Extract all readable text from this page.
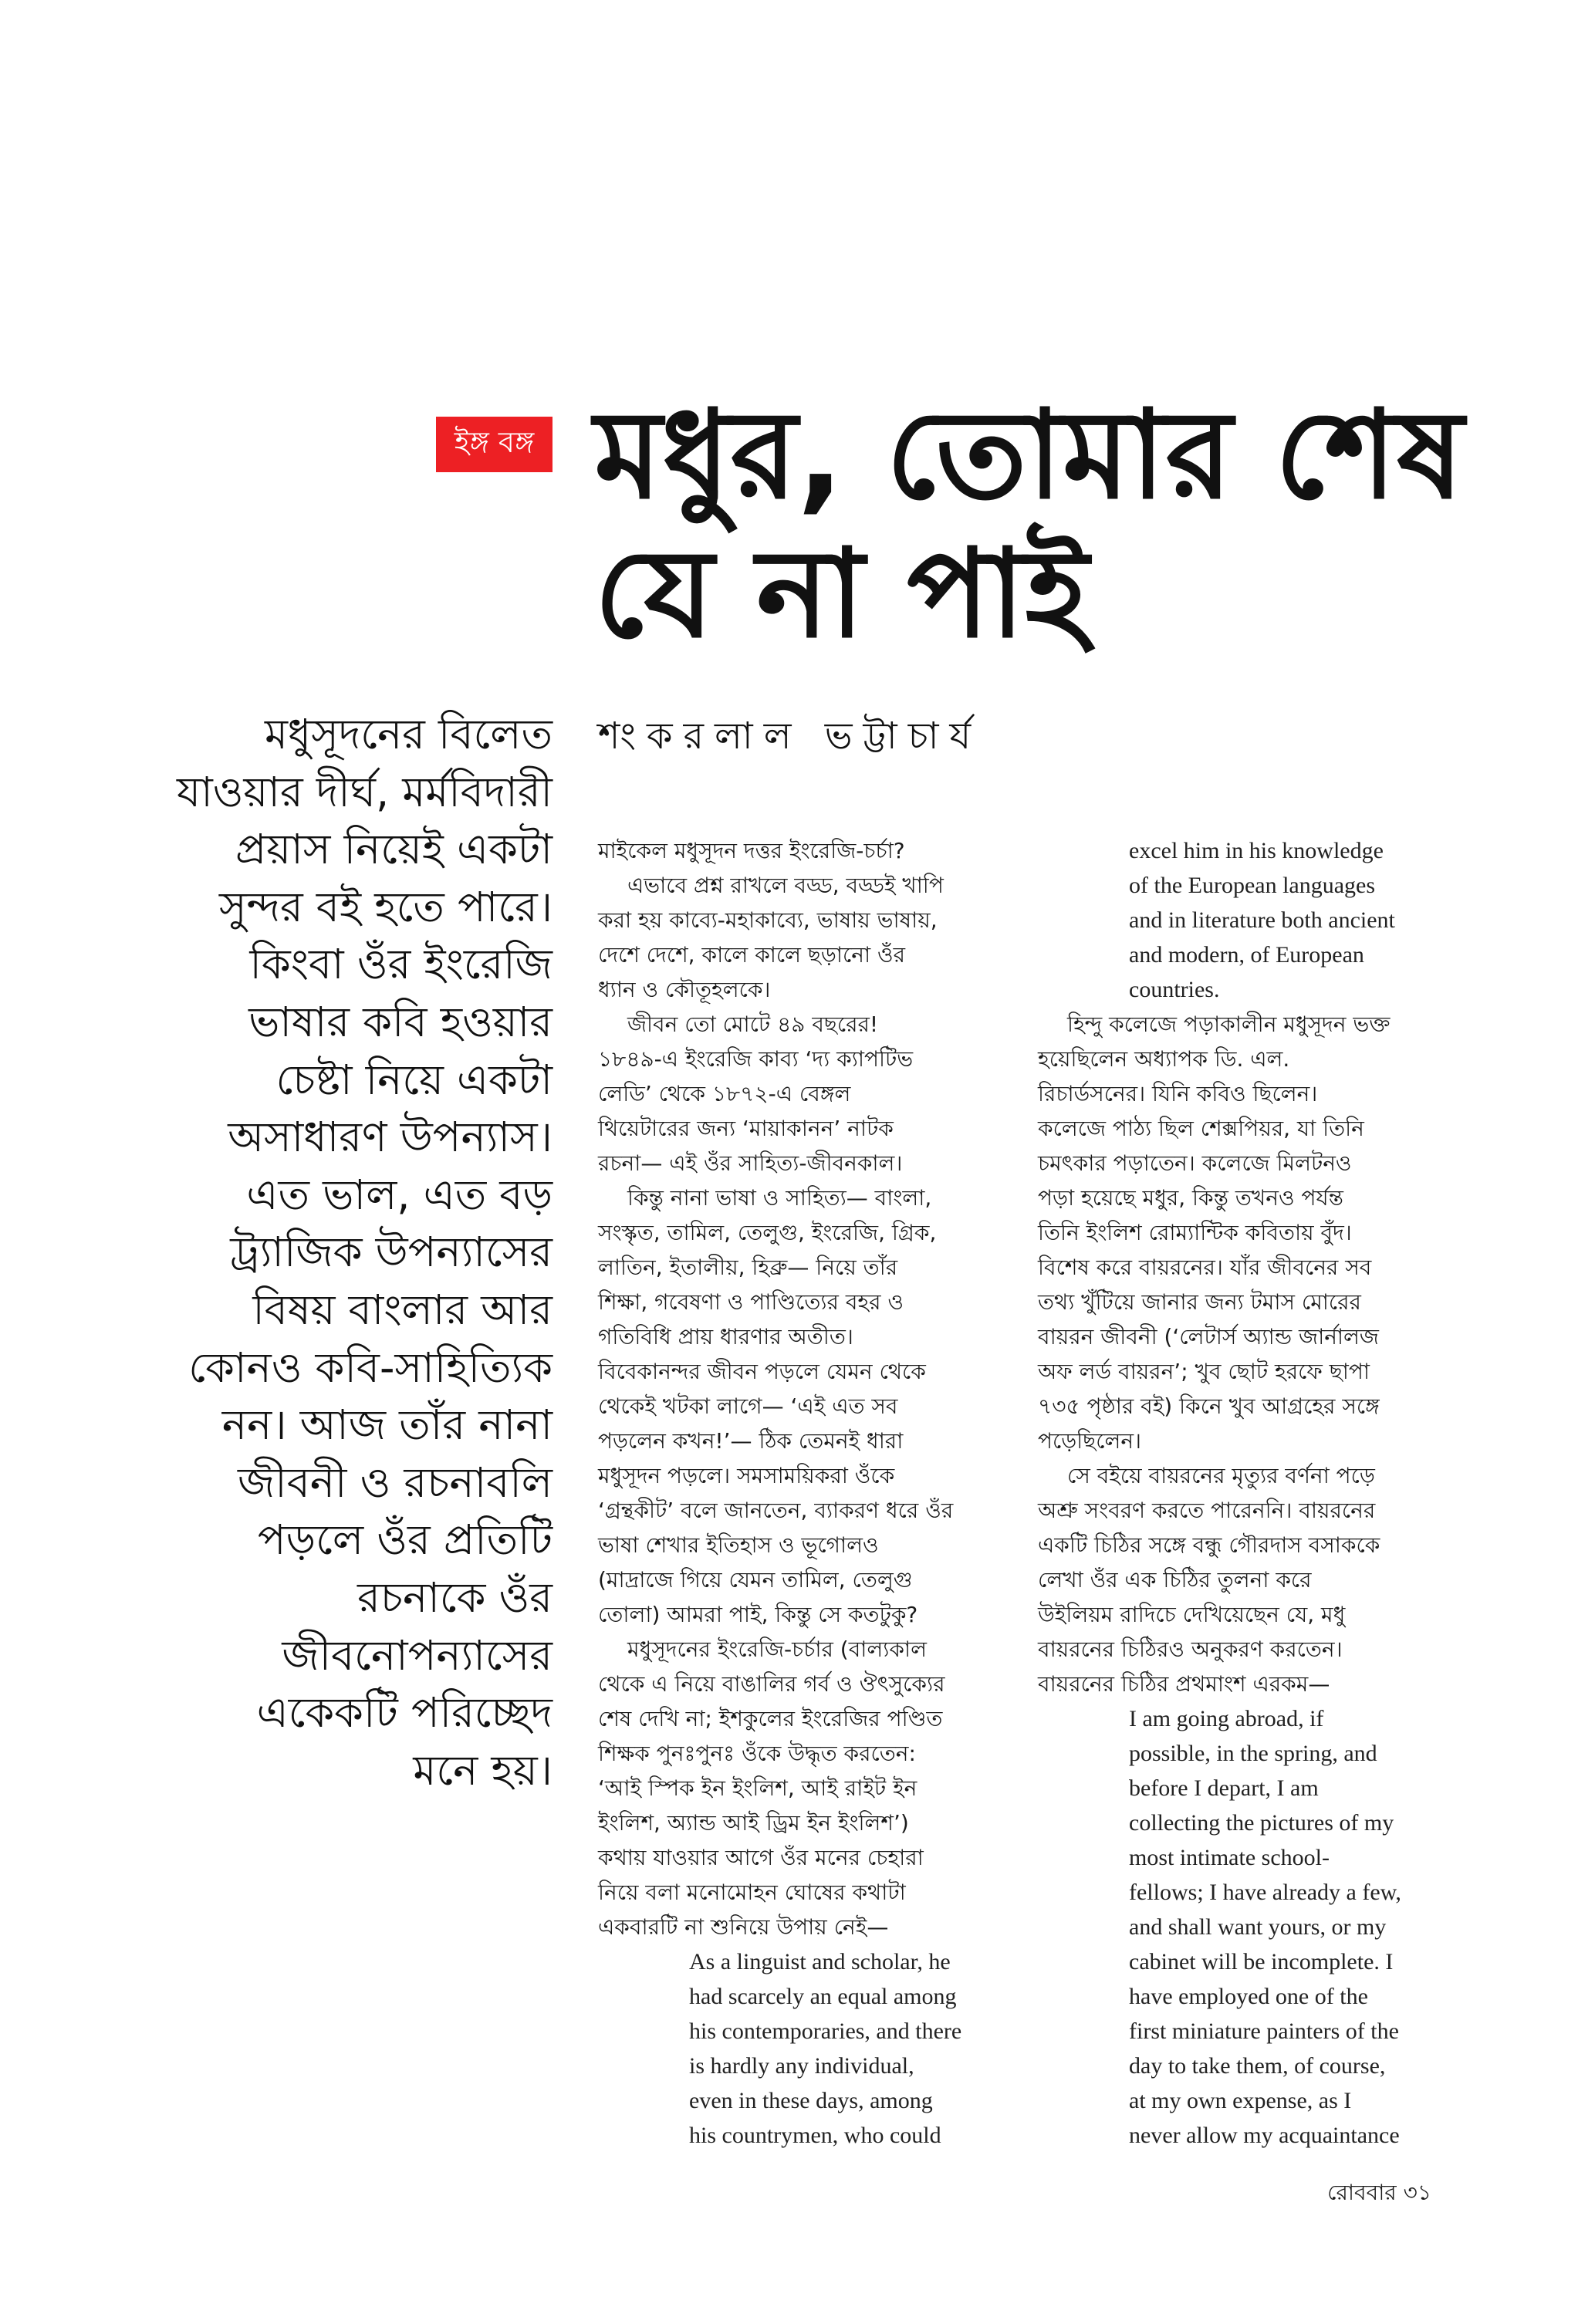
ইঙ্গ বঙ্গ মধুর, তোমার শেষ
যে না পাই
শংকরলাল ভট্টাচার্য
মধুসূদনের বিলেত
যাওয়ার দীর্ঘ, মর্মবিদারী
প্রয়াস নিয়েই একটা
সুন্দর বই হতে পারে।
কিংবা ওঁর ইংরেজি
ভাষার কবি হওয়ার
চেষ্টা নিয়ে একটা
অসাধারণ উপন্যাস।
এত ভাল, এত বড়
ট্র্যাজিক উপন্যাসের
বিষয় বাংলার আর
কোনও কবি-সাহিত্যিক
নন। আজ তাঁর নানা
জীবনী ও রচনাবলি
পড়লে ওঁর প্রতিটি
রচনাকে ওঁর
জীবনোপন্যাসের
একেকটি পরিচ্ছেদ
মনে হয়।
মাইকেল মধুসূদন দত্তর ইংরেজি-চর্চা?
এভাবে প্রশ্ন রাখলে বড্ড, বড্ডই খাপি
করা হয় কাব্যে-মহাকাব্যে, ভাষায় ভাষায়,
দেশে দেশে, কালে কালে ছড়ানো ওঁর
ধ্যান ও কৌতূহলকে।
জীবন তো মোটে ৪৯ বছরের!
১৮৪৯-এ ইংরেজি কাব্য ‘দ্য ক্যাপটিভ
লেডি’ থেকে ১৮৭২-এ বেঙ্গল
থিয়েটারের জন্য ‘মায়াকানন’ নাটক
রচনা— এই ওঁর সাহিত্য-জীবনকাল।
কিন্তু নানা ভাষা ও সাহিত্য— বাংলা,
সংস্কৃত, তামিল, তেলুগু, ইংরেজি, গ্রিক,
লাতিন, ইতালীয়, হিব্রু— নিয়ে তাঁর
শিক্ষা, গবেষণা ও পাণ্ডিত্যের বহর ও
গতিবিধি প্রায় ধারণার অতীত।
বিবেকানন্দর জীবন পড়লে যেমন থেকে
থেকেই খটকা লাগে— ‘এই এত সব
পড়লেন কখন!’— ঠিক তেমনই ধারা
মধুসূদন পড়লে। সমসাময়িকরা ওঁকে
‘গ্রন্থকীট’ বলে জানতেন, ব্যাকরণ ধরে ওঁর
ভাষা শেখার ইতিহাস ও ভূগোলও
(মাদ্রাজে গিয়ে যেমন তামিল, তেলুগু
তোলা) আমরা পাই, কিন্তু সে কতটুকু?
মধুসূদনের ইংরেজি-চর্চার (বাল্যকাল
থেকে এ নিয়ে বাঙালির গর্ব ও ঔৎসুক্যের
শেষ দেখি না; ইশকুলের ইংরেজির পণ্ডিত
শিক্ষক পুনঃপুনঃ ওঁকে উদ্ধৃত করতেন:
‘আই স্পিক ইন ইংলিশ, আই রাইট ইন
ইংলিশ, অ্যান্ড আই ড্রিম ইন ইংলিশ’)
কথায় যাওয়ার আগে ওঁর মনের চেহারা
নিয়ে বলা মনোমোহন ঘোষের কথাটা
একবারটি না শুনিয়ে উপায় নেই—
As a linguist and scholar, he
had scarcely an equal among
his contemporaries, and there
is hardly any individual,
even in these days, among
his countrymen, who could
excel him in his knowledge
of the European languages
and in literature both ancient
and modern, of European
countries.
হিন্দু কলেজে পড়াকালীন মধুসূদন ভক্ত
হয়েছিলেন অধ্যাপক ডি. এল.
রিচার্ডসনের। যিনি কবিও ছিলেন।
কলেজে পাঠ্য ছিল শেক্সপিয়র, যা তিনি
চমৎকার পড়াতেন। কলেজে মিলটনও
পড়া হয়েছে মধুর, কিন্তু তখনও পর্যন্ত
তিনি ইংলিশ রোম্যান্টিক কবিতায় বুঁদ।
বিশেষ করে বায়রনের। যাঁর জীবনের সব
তথ্য খুঁটিয়ে জানার জন্য টমাস মোরের
বায়রন জীবনী (‘লেটার্স অ্যান্ড জার্নালজ
অফ লর্ড বায়রন’; খুব ছোট হরফে ছাপা
৭৩৫ পৃষ্ঠার বই) কিনে খুব আগ্রহের সঙ্গে
পড়েছিলেন।
সে বইয়ে বায়রনের মৃত্যুর বর্ণনা পড়ে
অশ্রু সংবরণ করতে পারেননি। বায়রনের
একটি চিঠির সঙ্গে বন্ধু গৌরদাস বসাককে
লেখা ওঁর এক চিঠির তুলনা করে
উইলিয়ম রাদিচে দেখিয়েছেন যে, মধু
বায়রনের চিঠিরও অনুকরণ করতেন।
বায়রনের চিঠির প্রথমাংশ এরকম—
I am going abroad, if
possible, in the spring, and
before I depart, I am
collecting the pictures of my
most intimate school-
fellows; I have already a few,
and shall want yours, or my
cabinet will be incomplete. I
have employed one of the
first miniature painters of the
day to take them, of course,
at my own expense, as I
never allow my acquaintance
রোববার ৩১
